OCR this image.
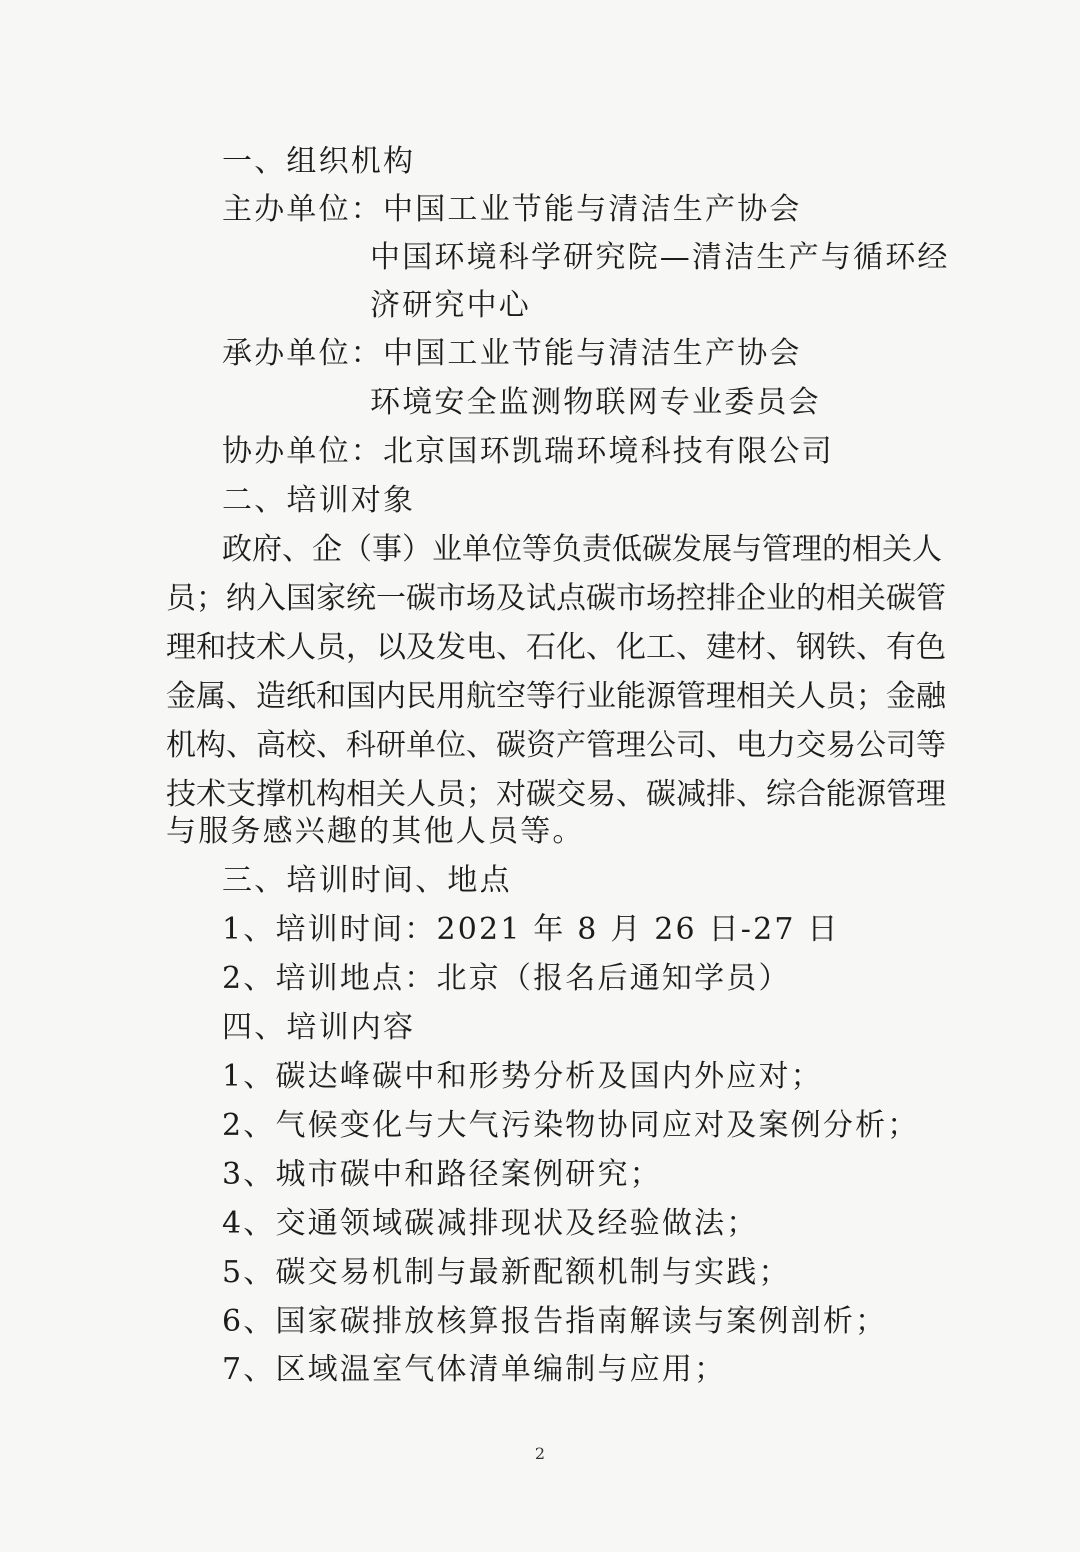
一、组织机构
主办单位：中国工业节能与清洁生产协会
中国环境科学研究院—清洁生产与循环经
济研究中心
承办单位：中国工业节能与清洁生产协会
环境安全监测物联网专业委员会
协办单位：北京国环凯瑞环境科技有限公司
二、培训对象
政府、企（事）业单位等负责低碳发展与管理的相关人
员；纳入国家统一碳市场及试点碳市场控排企业的相关碳管
理和技术人员，以及发电、石化、化工、建材、钢铁、有色
金属、造纸和国内民用航空等行业能源管理相关人员；金融
机构、高校、科研单位、碳资产管理公司、电力交易公司等
技术支撑机构相关人员；对碳交易、碳减排、综合能源管理
与服务感兴趣的其他人员等。
三、培训时间、地点
1、培训时间：2021 年 8 月 26 日-27 日
2、培训地点：北京（报名后通知学员）
四、培训内容
1、碳达峰碳中和形势分析及国内外应对；
2、气候变化与大气污染物协同应对及案例分析；
3、城市碳中和路径案例研究；
4、交通领域碳减排现状及经验做法；
5、碳交易机制与最新配额机制与实践；
6、国家碳排放核算报告指南解读与案例剖析；
7、区域温室气体清单编制与应用；
2
